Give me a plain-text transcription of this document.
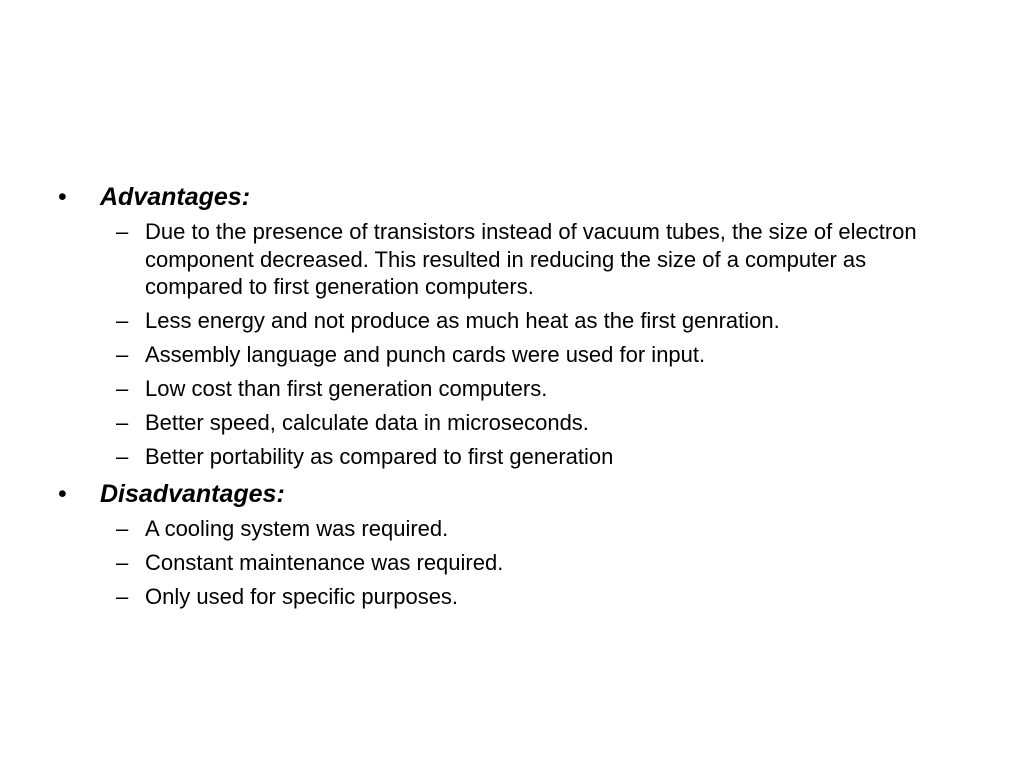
• Advantages:

– Due to the presence of transistors instead of vacuum tubes, the size of electron component decreased. This resulted in reducing the size of a computer as compared to first generation computers.

– Less energy and not produce as much heat as the first genration.

– Assembly language and punch cards were used for input.

– Low cost than first generation computers.

– Better speed, calculate data in microseconds.

– Better portability as compared to first generation

• Disadvantages:

– A cooling system was required.

– Constant maintenance was required.

– Only used for specific purposes.
